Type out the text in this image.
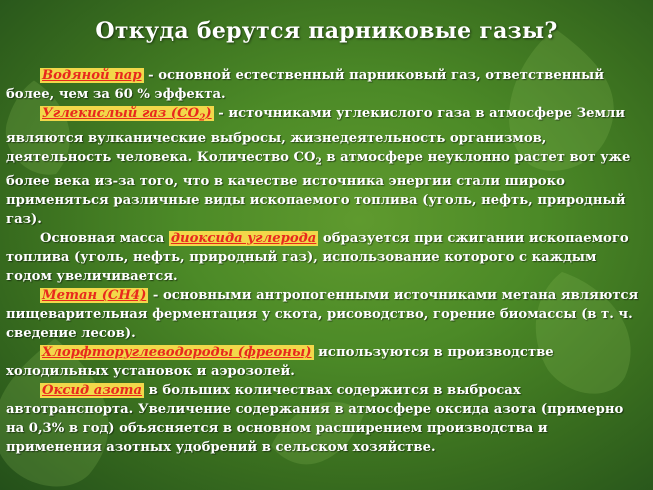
Откуда берутся парниковые газы?

Водяной пар - основной естественный парниковый газ, ответственный более, чем за 60 % эффекта.

Углекислый газ $(CO_2)$ - источниками углекислого газа в атмосфере Земли являются вулканические выбросы, жизнедеятельность организмов, деятельность человека. Количество $CO_2$ в атмосфере неуклонно растет вот уже более века из-за того, что в качестве источника энергии стали широко применяться различные виды ископаемого топлива (уголь, нефть, природный газ).

Основная масса диоксида углерода образуется при сжигании ископаемого топлива (уголь, нефть, природный газ), использование которого с каждым годом увеличивается.

Метан (CH4) - основными антропогенными источниками метана являются пищеварительная ферментация у скота, рисоводство, горение биомассы (в т. ч. сведение лесов).

Хлорфторуглеводороды (фреоны) используются в производстве холодильных установок и аэрозолей.

Оксид азота в больших количествах содержится в выбросах автотранспорта. Увеличение содержания в атмосфере оксида азота (примерно на 0,3% в год) объясняется в основном расширением производства и применения азотных удобрений в сельском хозяйстве.
